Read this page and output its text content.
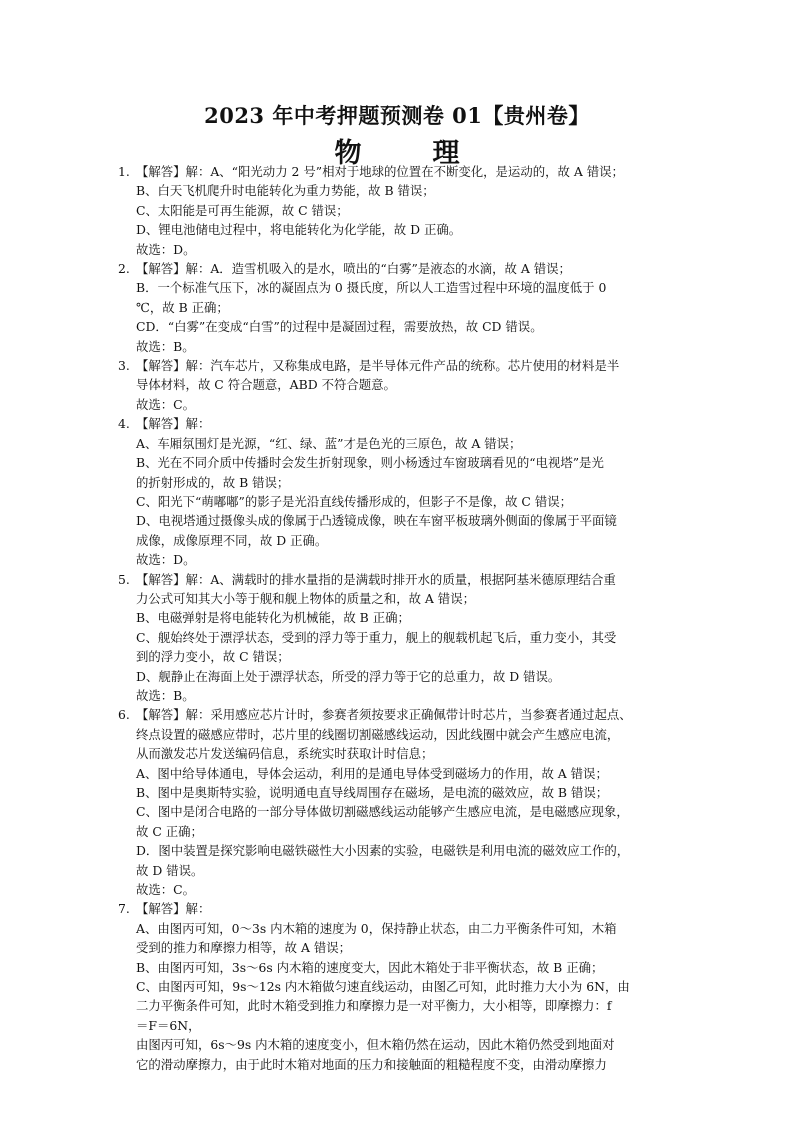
2023 年中考押题预测卷 01【贵州卷】
物　理
1. 【解答】解：A、“阳光动力 2 号”相对于地球的位置在不断变化，是运动的，故 A 错误；
B、白天飞机爬升时电能转化为重力势能，故 B 错误；
C、太阳能是可再生能源，故 C 错误；
D、锂电池储电过程中，将电能转化为化学能，故 D 正确。
故选：D。
2. 【解答】解：A．造雪机吸入的是水，喷出的“白雾”是液态的水滴，故 A 错误；
B．一个标准气压下，冰的凝固点为 0 摄氏度，所以人工造雪过程中环境的温度低于 0
℃，故 B 正确；
CD．“白雾”在变成“白雪”的过程中是凝固过程，需要放热，故 CD 错误。
故选：B。
3. 【解答】解：汽车芯片，又称集成电路，是半导体元件产品的统称。芯片使用的材料是半
导体材料，故 C 符合题意，ABD 不符合题意。
故选：C。
4. 【解答】解：
A、车厢氛围灯是光源，“红、绿、蓝”才是色光的三原色，故 A 错误；
B、光在不同介质中传播时会发生折射现象，则小杨透过车窗玻璃看见的“电视塔”是光
的折射形成的，故 B 错误；
C、阳光下“萌嘟嘟”的影子是光沿直线传播形成的，但影子不是像，故 C 错误；
D、电视塔通过摄像头成的像属于凸透镜成像，映在车窗平板玻璃外侧面的像属于平面镜
成像，成像原理不同，故 D 正确。
故选：D。
5. 【解答】解：A、满载时的排水量指的是满载时排开水的质量，根据阿基米德原理结合重
力公式可知其大小等于舰和舰上物体的质量之和，故 A 错误；
B、电磁弹射是将电能转化为机械能，故 B 正确；
C、舰始终处于漂浮状态，受到的浮力等于重力，舰上的舰载机起飞后，重力变小，其受
到的浮力变小，故 C 错误；
D、舰静止在海面上处于漂浮状态，所受的浮力等于它的总重力，故 D 错误。
故选：B。
6. 【解答】解：采用感应芯片计时，参赛者须按要求正确佩带计时芯片，当参赛者通过起点、
终点设置的磁感应带时，芯片里的线圈切割磁感线运动，因此线圈中就会产生感应电流，
从而激发芯片发送编码信息，系统实时获取计时信息；
A、图中给导体通电，导体会运动，利用的是通电导体受到磁场力的作用，故 A 错误；
B、图中是奥斯特实验，说明通电直导线周围存在磁场，是电流的磁效应，故 B 错误；
C、图中是闭合电路的一部分导体做切割磁感线运动能够产生感应电流，是电磁感应现象，
故 C 正确；
D．图中装置是探究影响电磁铁磁性大小因素的实验，电磁铁是利用电流的磁效应工作的，
故 D 错误。
故选：C。
7. 【解答】解：
A、由图丙可知，0～3s 内木箱的速度为 0，保持静止状态，由二力平衡条件可知，木箱
受到的推力和摩擦力相等，故 A 错误；
B、由图丙可知，3s～6s 内木箱的速度变大，因此木箱处于非平衡状态，故 B 正确；
C、由图丙可知，9s～12s 内木箱做匀速直线运动，由图乙可知，此时推力大小为 6N，由
二力平衡条件可知，此时木箱受到推力和摩擦力是一对平衡力，大小相等，即摩擦力：f
＝F＝6N，
由图丙可知，6s～9s 内木箱的速度变小，但木箱仍然在运动，因此木箱仍然受到地面对
它的滑动摩擦力，由于此时木箱对地面的压力和接触面的粗糙程度不变，由滑动摩擦力
